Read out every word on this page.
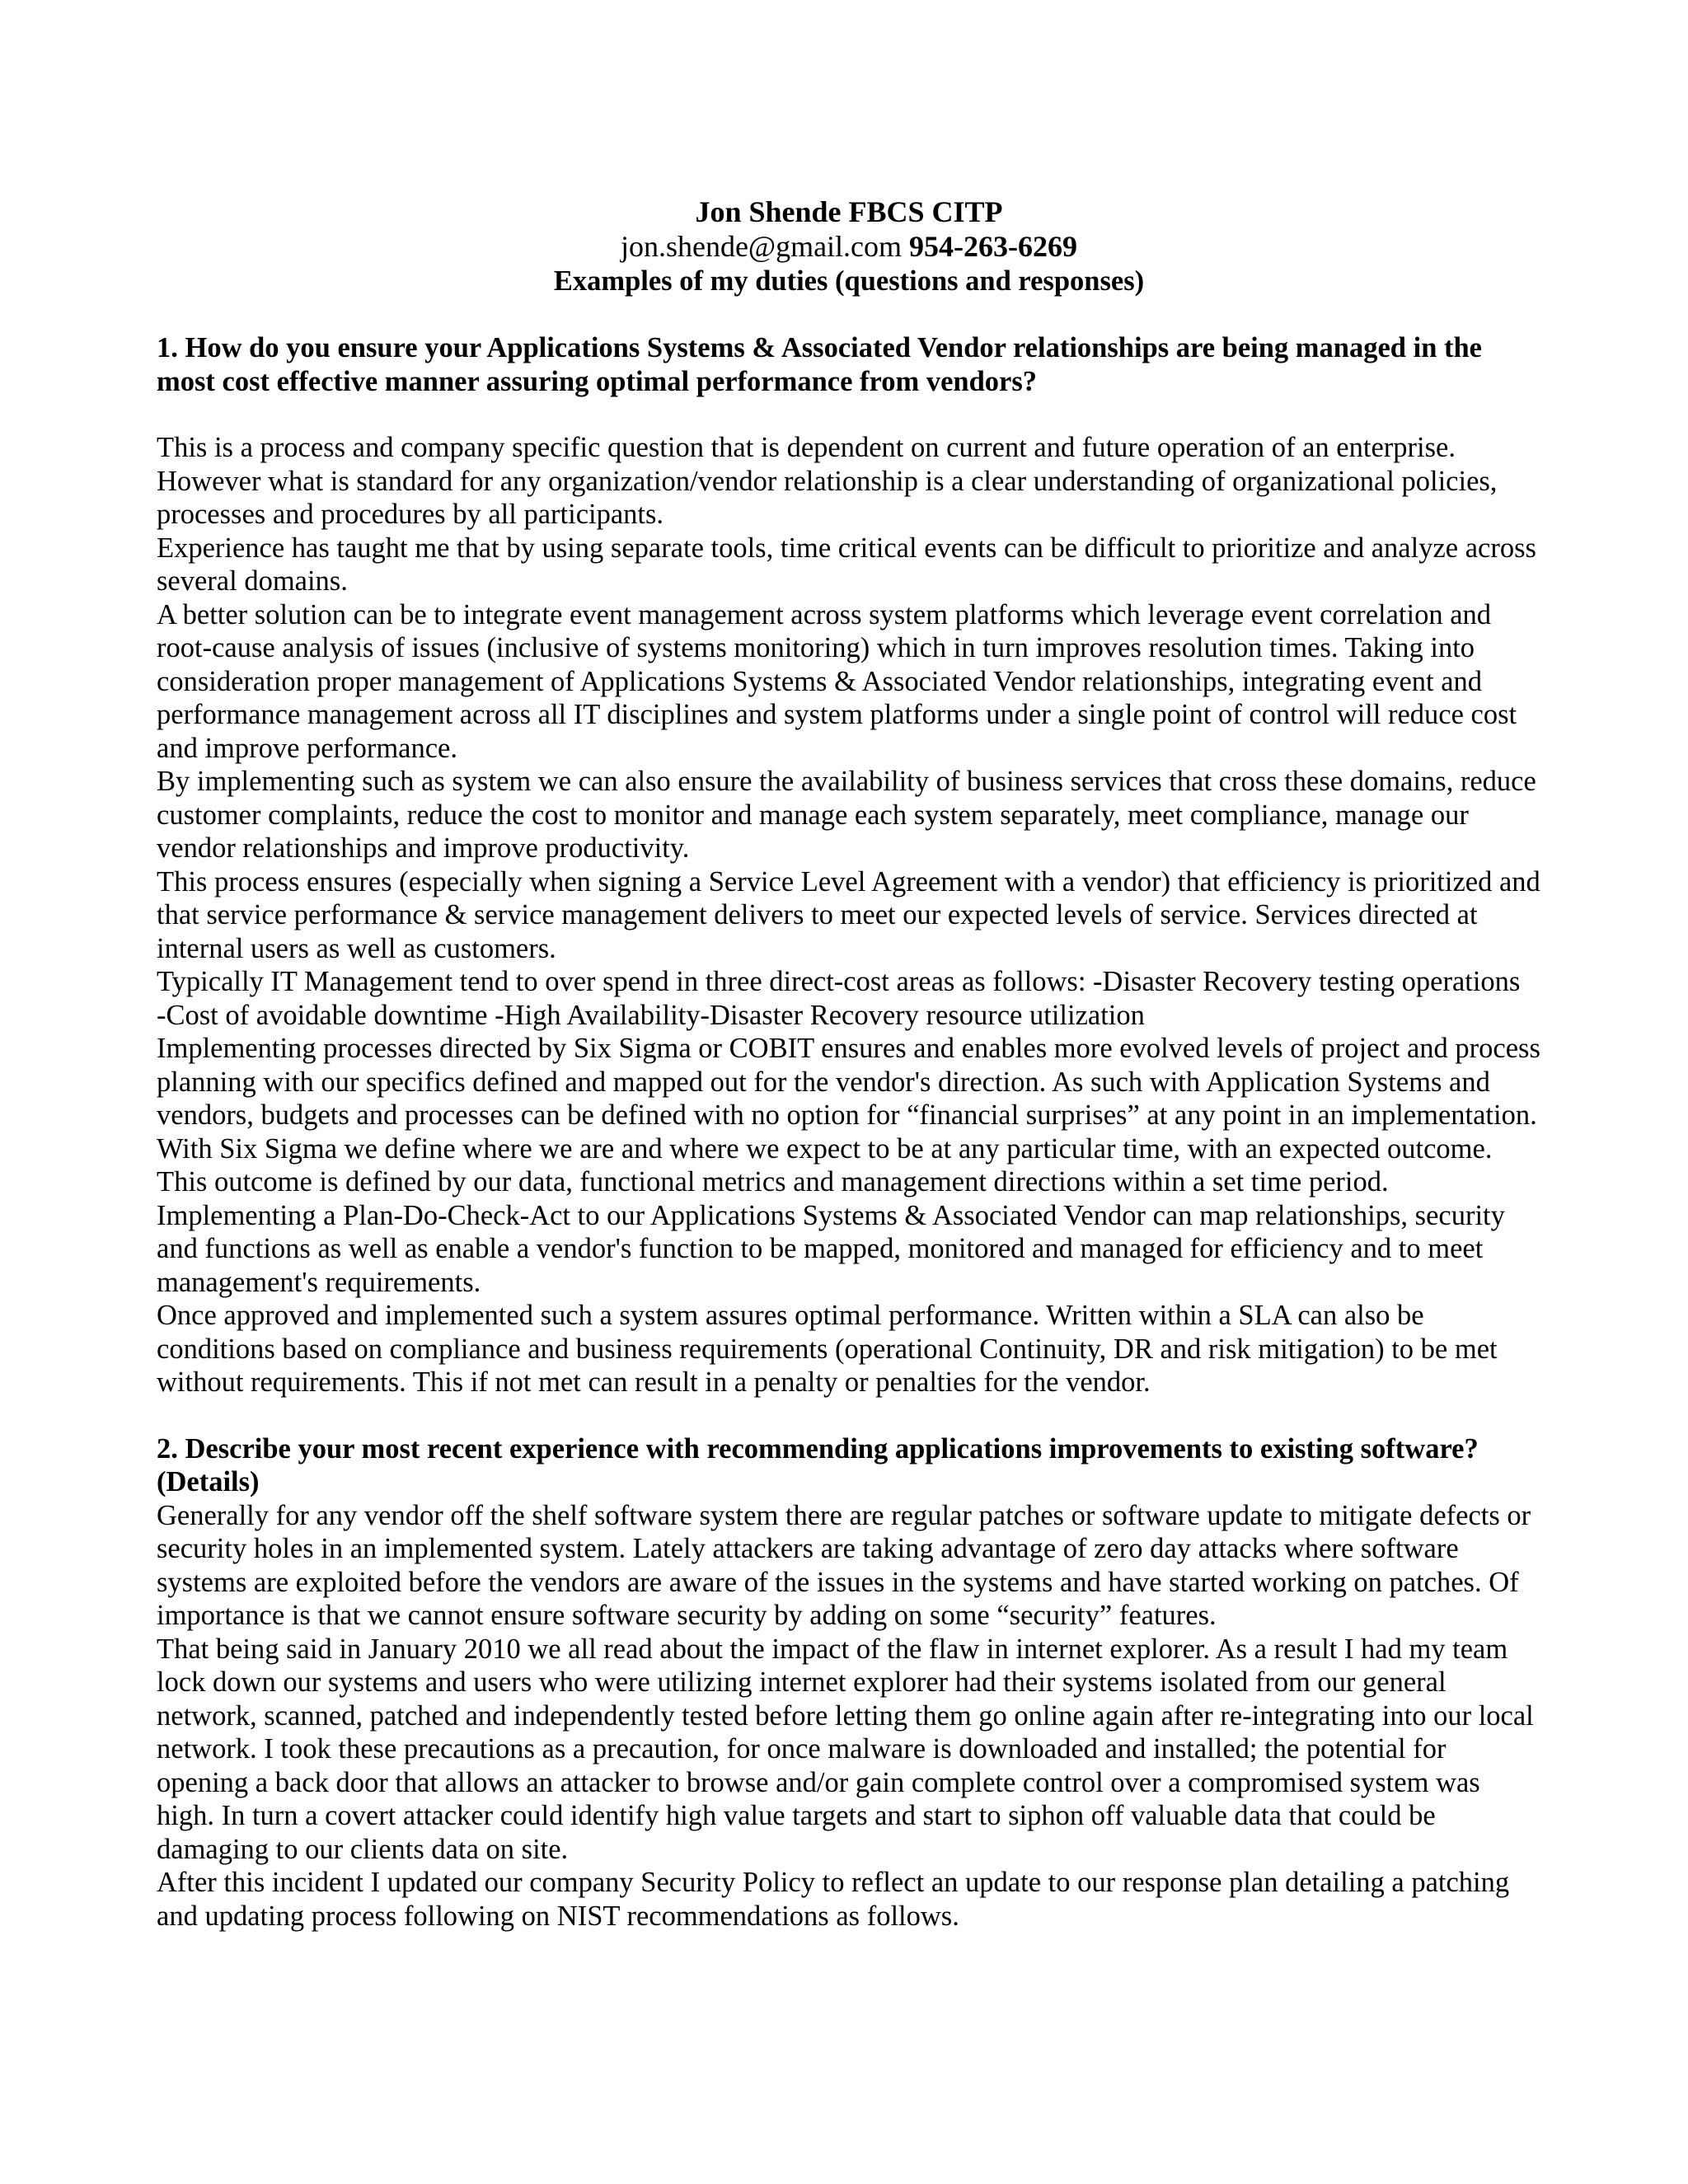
Jon Shende FBCS CITP
jon.shende@gmail.com 954-263-6269
Examples of my duties (questions and responses)

1. How do you ensure your Applications Systems & Associated Vendor relationships are being managed in the most cost effective manner assuring optimal performance from vendors?

This is a process and company specific question that is dependent on current and future operation of an enterprise. However what is standard for any organization/vendor relationship is a clear understanding of organizational policies, processes and procedures by all participants.

Experience has taught me that by using separate tools, time critical events can be difficult to prioritize and analyze across several domains.

A better solution can be to integrate event management across system platforms which leverage event correlation and root-cause analysis of issues (inclusive of systems monitoring) which in turn improves resolution times. Taking into consideration proper management of Applications Systems & Associated Vendor relationships, integrating event and performance management across all IT disciplines and system platforms under a single point of control will reduce cost and improve performance.

By implementing such as system we can also ensure the availability of business services that cross these domains, reduce customer complaints, reduce the cost to monitor and manage each system separately, meet compliance, manage our vendor relationships and improve productivity.

This process ensures (especially when signing a Service Level Agreement with a vendor) that efficiency is prioritized and that service performance & service management delivers to meet our expected levels of service. Services directed at internal users as well as customers.

Typically IT Management tend to over spend in three direct-cost areas as follows: -Disaster Recovery testing operations

-Cost of avoidable downtime -High Availability-Disaster Recovery resource utilization

Implementing processes directed by Six Sigma or COBIT ensures and enables more evolved levels of project and process planning with our specifics defined and mapped out for the vendor's direction. As such with Application Systems and vendors, budgets and processes can be defined with no option for “financial surprises” at any point in an implementation.

With Six Sigma we define where we are and where we expect to be at any particular time, with an expected outcome. This outcome is defined by our data, functional metrics and management directions within a set time period.

Implementing a Plan-Do-Check-Act to our Applications Systems & Associated Vendor can map relationships, security and functions as well as enable a vendor's function to be mapped, monitored and managed for efficiency and to meet management's requirements.

Once approved and implemented such a system assures optimal performance. Written within a SLA can also be conditions based on compliance and business requirements (operational Continuity, DR and risk mitigation) to be met without requirements. This if not met can result in a penalty or penalties for the vendor.

2. Describe your most recent experience with recommending applications improvements to existing software? (Details)

Generally for any vendor off the shelf software system there are regular patches or software update to mitigate defects or security holes in an implemented system. Lately attackers are taking advantage of zero day attacks where software systems are exploited before the vendors are aware of the issues in the systems and have started working on patches. Of importance is that we cannot ensure software security by adding on some “security” features.

That being said in January 2010 we all read about the impact of the flaw in internet explorer. As a result I had my team lock down our systems and users who were utilizing internet explorer had their systems isolated from our general network, scanned, patched and independently tested before letting them go online again after re-integrating into our local network. I took these precautions as a precaution, for once malware is downloaded and installed; the potential for opening a back door that allows an attacker to browse and/or gain complete control over a compromised system was high. In turn a covert attacker could identify high value targets and start to siphon off valuable data that could be damaging to our clients data on site.

After this incident I updated our company Security Policy to reflect an update to our response plan detailing a patching and updating process following on NIST recommendations as follows.
